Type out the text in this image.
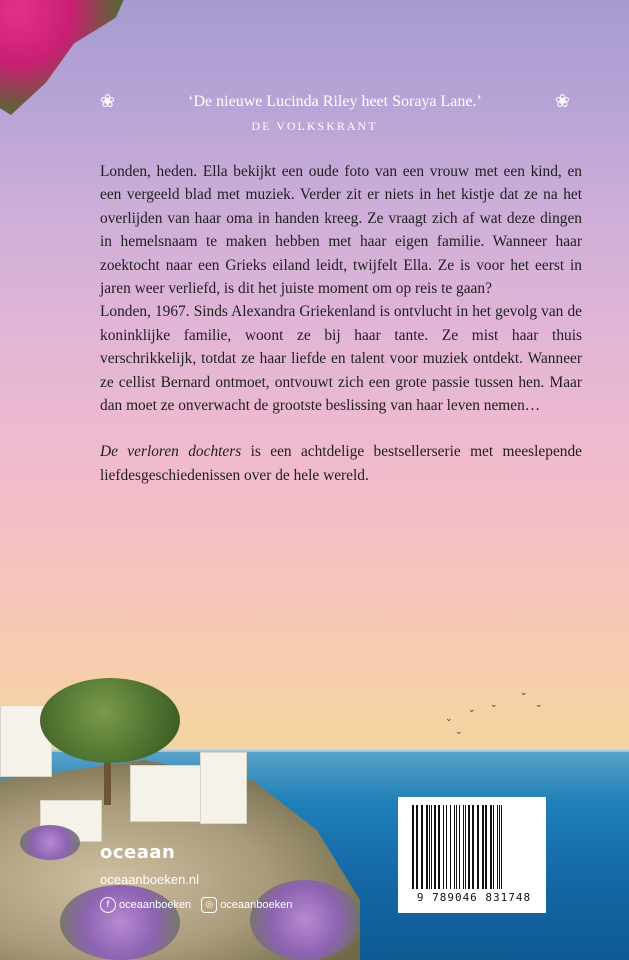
⌄
⌄ ⌄
⌄
⌄
⌄
❀	‘De nieuwe Lucinda Riley heet Soraya Lane.’	❀
DE VOLKSKRANT

Londen, heden. Ella bekijkt een oude foto van een vrouw met een kind, en een vergeeld blad met muziek. Verder zit er niets in het kistje dat ze na het overlijden van haar oma in handen kreeg. Ze vraagt zich af wat deze dingen in hemelsnaam te maken hebben met haar eigen familie. Wanneer haar zoektocht naar een Grieks eiland leidt, twijfelt Ella. Ze is voor het eerst in jaren weer verliefd, is dit het juiste moment om op reis te gaan?

Londen, 1967. Sinds Alexandra Griekenland is ontvlucht in het gevolg van de koninklijke familie, woont ze bij haar tante. Ze mist haar thuis verschrikkelijk, totdat ze haar liefde en talent voor muziek ontdekt. Wanneer ze cellist Bernard ontmoet, ontvouwt zich een grote passie tussen hen. Maar dan moet ze onverwacht de grootste beslissing van haar leven nemen…

De verloren dochters is een achtdelige bestsellerserie met meeslepende liefdesgeschiedenissen over de hele wereld.

oceaan
oceaanboeken.nl
f oceaanboeken	◎ oceaanboeken
9 789046 831748
